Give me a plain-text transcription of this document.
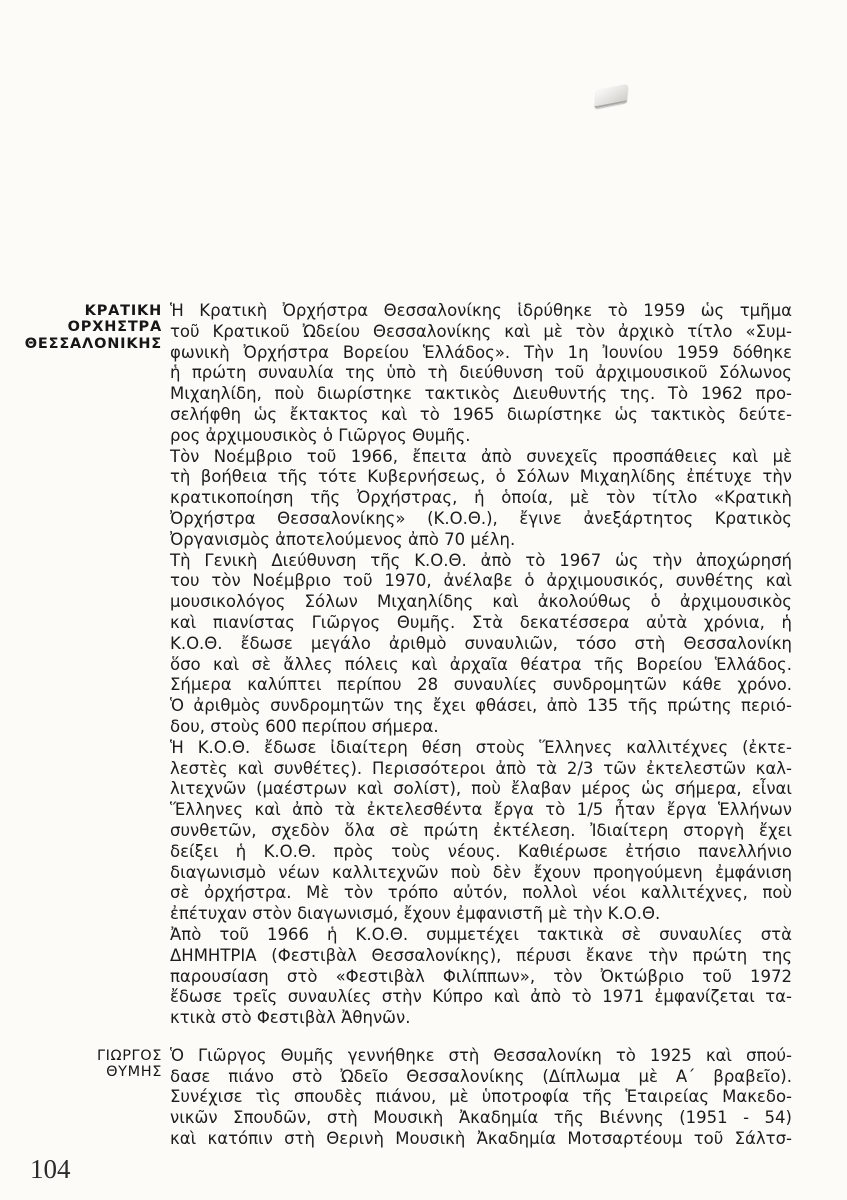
ΚΡΑΤΙΚΗ
ΟΡΧΗΣΤΡΑ
ΘΕΣΣΑΛΟΝΙΚΗΣ
Ἡ Κρατικὴ Ὀρχήστρα Θεσσαλονίκης ἱδρύθηκε τὸ 1959 ὡς τμῆμα
τοῦ Κρατικοῦ Ὠδείου Θεσσαλονίκης καὶ μὲ τὸν ἀρχικὸ τίτλο «Συμ-
φωνικὴ Ὀρχήστρα Βορείου Ἑλλάδος». Τὴν 1η Ἰουνίου 1959 δόθηκε
ἡ πρώτη συναυλία της ὑπὸ τὴ διεύθυνση τοῦ ἀρχιμουσικοῦ Σόλωνος
Μιχαηλίδη, ποὺ διωρίστηκε τακτικὸς Διευθυντής της. Τὸ 1962 προ-
σελήφθη ὡς ἔκτακτος καὶ τὸ 1965 διωρίστηκε ὡς τακτικὸς δεύτε-
ρος ἀρχιμουσικὸς ὁ Γιῶργος Θυμῆς.
Τὸν Νοέμβριο τοῦ 1966, ἔπειτα ἀπὸ συνεχεῖς προσπάθειες καὶ μὲ
τὴ βοήθεια τῆς τότε Κυβερνήσεως, ὁ Σόλων Μιχαηλίδης ἐπέτυχε τὴν
κρατικοποίηση τῆς Ὀρχήστρας, ἡ ὁποία, μὲ τὸν τίτλο «Κρατικὴ
Ὀρχήστρα Θεσσαλονίκης» (Κ.Ο.Θ.), ἔγινε ἀνεξάρτητος Κρατικὸς
Ὀργανισμὸς ἀποτελούμενος ἀπὸ 70 μέλη.
Τὴ Γενικὴ Διεύθυνση τῆς Κ.Ο.Θ. ἀπὸ τὸ 1967 ὡς τὴν ἀποχώρησή
του τὸν Νοέμβριο τοῦ 1970, ἀνέλαβε ὁ ἀρχιμουσικός, συνθέτης καὶ
μουσικολόγος Σόλων Μιχαηλίδης καὶ ἀκολούθως ὁ ἀρχιμουσικὸς
καὶ πιανίστας Γιῶργος Θυμῆς. Στὰ δεκατέσσερα αὐτὰ χρόνια, ἡ
Κ.Ο.Θ. ἔδωσε μεγάλο ἀριθμὸ συναυλιῶν, τόσο στὴ Θεσσαλονίκη
ὅσο καὶ σὲ ἄλλες πόλεις καὶ ἀρχαῖα θέατρα τῆς Βορείου Ἑλλάδος.
Σήμερα καλύπτει περίπου 28 συναυλίες συνδρομητῶν κάθε χρόνο.
Ὁ ἀριθμὸς συνδρομητῶν της ἔχει φθάσει, ἀπὸ 135 τῆς πρώτης περιό-
δου, στοὺς 600 περίπου σήμερα.
Ἡ Κ.Ο.Θ. ἔδωσε ἰδιαίτερη θέση στοὺς Ἕλληνες καλλιτέχνες (ἐκτε-
λεστὲς καὶ συνθέτες). Περισσότεροι ἀπὸ τὰ 2/3 τῶν ἐκτελεστῶν καλ-
λιτεχνῶν (μαέστρων καὶ σολίστ), ποὺ ἔλαβαν μέρος ὡς σήμερα, εἶναι
Ἕλληνες καὶ ἀπὸ τὰ ἐκτελεσθέντα ἔργα τὸ 1/5 ἦταν ἔργα Ἑλλήνων
συνθετῶν, σχεδὸν ὅλα σὲ πρώτη ἐκτέλεση. Ἰδιαίτερη στοργὴ ἔχει
δείξει ἡ Κ.Ο.Θ. πρὸς τοὺς νέους. Καθιέρωσε ἐτήσιο πανελλήνιο
διαγωνισμὸ νέων καλλιτεχνῶν ποὺ δὲν ἔχουν προηγούμενη ἐμφάνιση
σὲ ὀρχήστρα. Μὲ τὸν τρόπο αὐτόν, πολλοὶ νέοι καλλιτέχνες, ποὺ
ἐπέτυχαν στὸν διαγωνισμό, ἔχουν ἐμφανιστῆ μὲ τὴν Κ.Ο.Θ.
Ἀπὸ τοῦ 1966 ἡ Κ.Ο.Θ. συμμετέχει τακτικὰ σὲ συναυλίες στὰ
ΔΗΜΗΤΡΙΑ (Φεστιβὰλ Θεσσαλονίκης), πέρυσι ἔκανε τὴν πρώτη της
παρουσίαση στὸ «Φεστιβὰλ Φιλίππων», τὸν Ὀκτώβριο τοῦ 1972
ἔδωσε τρεῖς συναυλίες στὴν Κύπρο καὶ ἀπὸ τὸ 1971 ἐμφανίζεται τα-
κτικὰ στὸ Φεστιβὰλ Ἀθηνῶν.
ΓΙΩΡΓΟΣ
ΘΥΜΗΣ
Ὁ Γιῶργος Θυμῆς γεννήθηκε στὴ Θεσσαλονίκη τὸ 1925 καὶ σπού-
δασε πιάνο στὸ Ὠδεῖο Θεσσαλονίκης (Δίπλωμα μὲ Α´ βραβεῖο).
Συνέχισε τὶς σπουδὲς πιάνου, μὲ ὑποτροφία τῆς Ἑταιρείας Μακεδο-
νικῶν Σπουδῶν, στὴ Μουσικὴ Ἀκαδημία τῆς Βιέννης (1951 - 54)
καὶ κατόπιν στὴ Θερινὴ Μουσικὴ Ἀκαδημία Μοτσαρτέουμ τοῦ Σάλτσ-
104
